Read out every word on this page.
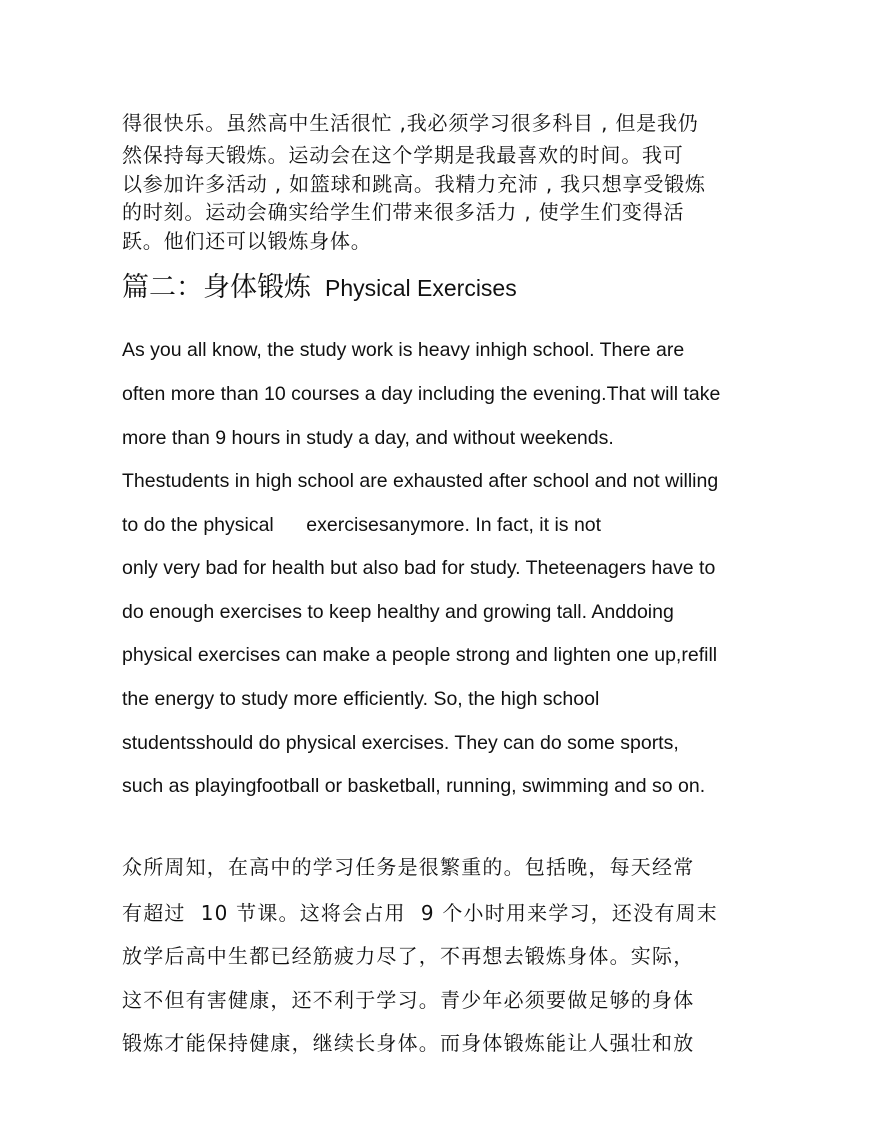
得很快乐。虽然高中生活很忙 ,我必须学习很多科目 , 但是我仍
然保持每天锻炼。运动会在这个学期是我最喜欢的时间。我可
以参加许多活动 , 如篮球和跳高。我精力充沛 , 我只想享受锻炼
的时刻。运动会确实给学生们带来很多活力 , 使学生们变得活
跃。他们还可以锻炼身体。
篇二：身体锻炼 Physical Exercises
As you all know, the study work is heavy inhigh school. There are
often more than 10 courses a day including the evening.That will take
more than 9 hours in study a day, and without weekends.
Thestudents in high school are exhausted after school and not willing
to do the physical      exercisesanymore. In fact, it is not
only very bad for health but also bad for study. Theteenagers have to
do enough exercises to keep healthy and growing tall. Anddoing
physical exercises can make a people strong and lighten one up,refill
the energy to study more efficiently. So, the high school
studentsshould do physical exercises. They can do some sports,
such as playingfootball or basketball, running, swimming and so on.
众所周知，在高中的学习任务是很繁重的。包括晚，每天经常
有超过  10 节课。这将会占用  9 个小时用来学习，还没有周末
放学后高中生都已经筋疲力尽了，不再想去锻炼身体。实际，
这不但有害健康，还不利于学习。青少年必须要做足够的身体
锻炼才能保持健康，继续长身体。而身体锻炼能让人强壮和放
